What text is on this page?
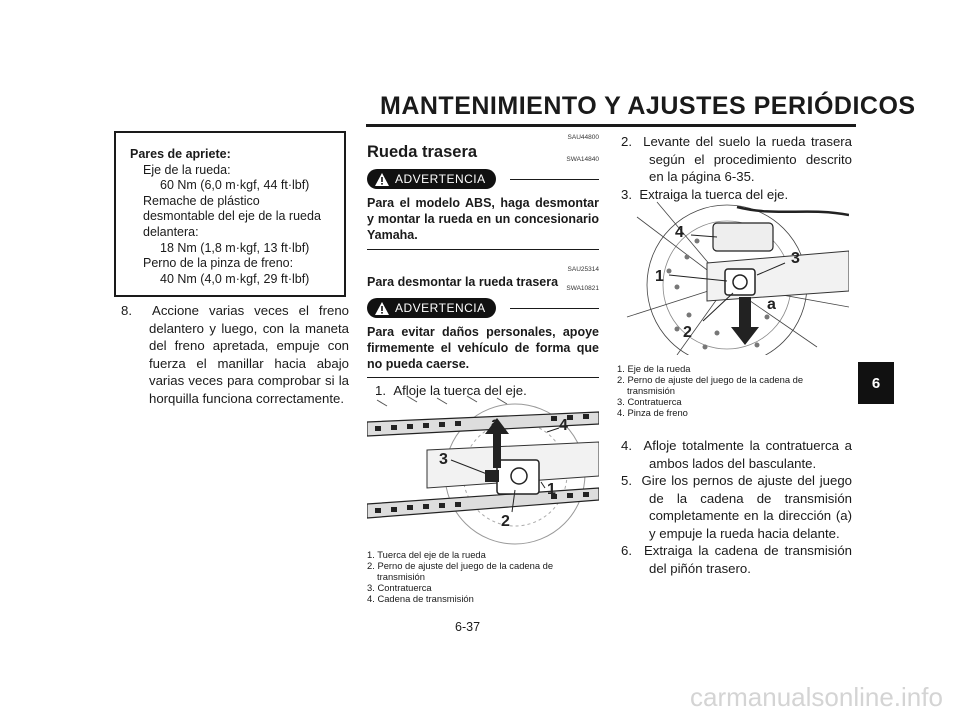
MANTENIMIENTO Y AJUSTES PERIÓDICOS
6
Pares de apriete:
Eje de la rueda:
60 Nm (6,0 m·kgf, 44 ft·lbf)
Remache de plástico
desmontable del eje de la rueda
delantera:
18 Nm (1,8 m·kgf, 13 ft·lbf)
Perno de la pinza de freno:
40 Nm (4,0 m·kgf, 29 ft·lbf)
8. Accione varias veces el freno delantero y luego, con la maneta del freno apretada, empuje con fuerza el manillar hacia abajo varias veces para comprobar si la horquilla funciona correctamente.
SAU44800
Rueda trasera	SWA14840
ADVERTENCIA
Para el modelo ABS, haga desmontar y montar la rueda en un concesionario Yamaha.
SAU25314
Para desmontar la rueda trasera	SWA10821
ADVERTENCIA
Para evitar daños personales, apoye firmemente el vehículo de forma que no pueda caerse.
1. Afloje la tuerca del eje.
a	4
3
1
2
1. Tuerca del eje de la rueda
2. Perno de ajuste del juego de la cadena de
transmisión
3. Contratuerca
4. Cadena de transmisión
2. Levante del suelo la rueda trasera según el procedimiento descrito en la página 6-35.
3. Extraiga la tuerca del eje.
4
3
1
a
2
1. Eje de la rueda
2. Perno de ajuste del juego de la cadena de
transmisión
3. Contratuerca
4. Pinza de freno
4. Afloje totalmente la contratuerca a ambos lados del basculante.
5. Gire los pernos de ajuste del juego de la cadena de transmisión completamente en la dirección (a) y empuje la rueda hacia delante.
6. Extraiga la cadena de transmisión del piñón trasero.
6-37
carmanualsonline.info
